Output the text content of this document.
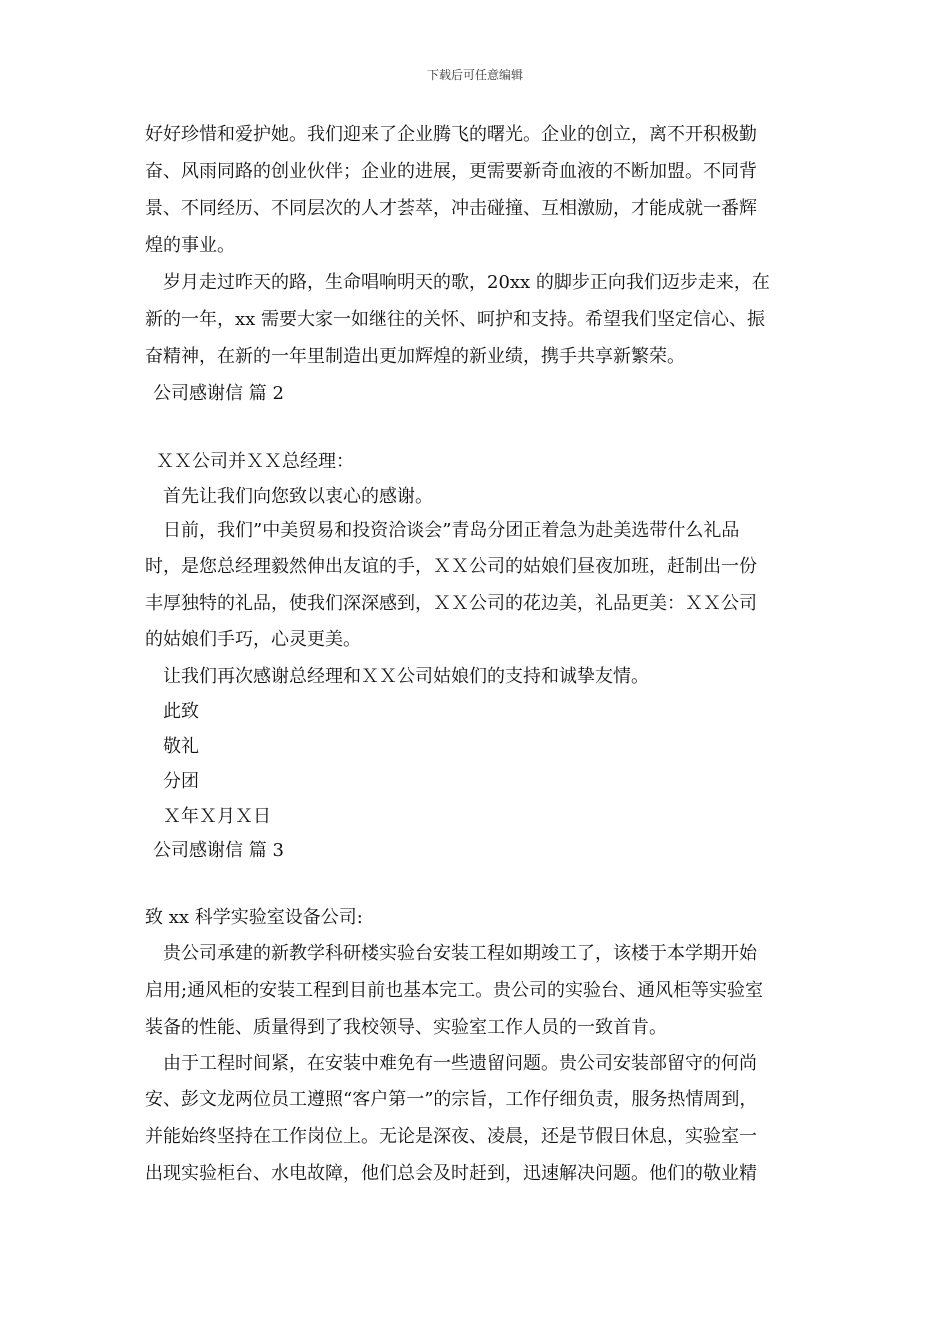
下载后可任意编辑
好好珍惜和爱护她。我们迎来了企业腾飞的曙光。企业的创立，离不开积极勤
奋、风雨同路的创业伙伴；企业的进展，更需要新奇血液的不断加盟。不同背
景、不同经历、不同层次的人才荟萃，冲击碰撞、互相激励，才能成就一番辉
煌的事业。
岁月走过昨天的路，生命唱响明天的歌，20xx 的脚步正向我们迈步走来，在
新的一年，xx 需要大家一如继往的关怀、呵护和支持。希望我们坚定信心、振
奋精神，在新的一年里制造出更加辉煌的新业绩，携手共享新繁荣。
公司感谢信 篇 2
ＸＸ公司并ＸＸ总经理：
首先让我们向您致以衷心的感谢。
日前，我们”中美贸易和投资洽谈会”青岛分团正着急为赴美选带什么礼品
时，是您总经理毅然伸出友谊的手，ＸＸ公司的姑娘们昼夜加班，赶制出一份
丰厚独特的礼品，使我们深深感到，ＸＸ公司的花边美，礼品更美：ＸＸ公司
的姑娘们手巧，心灵更美。
让我们再次感谢总经理和ＸＸ公司姑娘们的支持和诚挚友情。
此致
敬礼
分团
Ｘ年Ｘ月Ｘ日
公司感谢信 篇 3
致 xx 科学实验室设备公司:
贵公司承建的新教学科研楼实验台安装工程如期竣工了，该楼于本学期开始
启用;通风柜的安装工程到目前也基本完工。贵公司的实验台、通风柜等实验室
装备的性能、质量得到了我校领导、实验室工作人员的一致首肯。
由于工程时间紧，在安装中难免有一些遗留问题。贵公司安装部留守的何尚
安、彭文龙两位员工遵照“客户第一”的宗旨，工作仔细负责，服务热情周到，
并能始终坚持在工作岗位上。无论是深夜、凌晨，还是节假日休息，实验室一
出现实验柜台、水电故障，他们总会及时赶到，迅速解决问题。他们的敬业精
